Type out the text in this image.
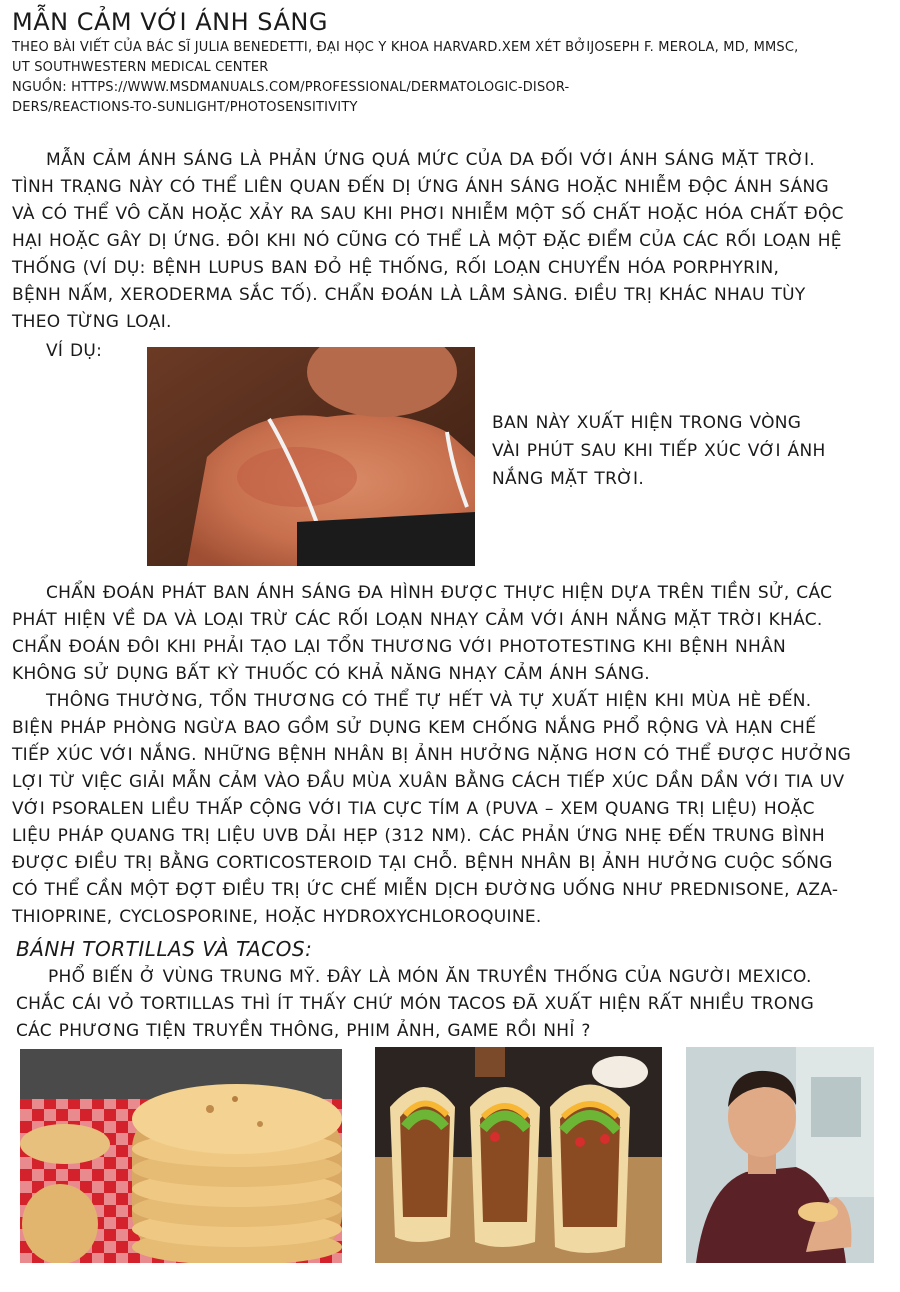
MẪN CẢM VỚI ÁNH SÁNG
THEO BÀI VIẾT CỦA BÁC SĨ JULIA BENEDETTI, ĐẠI HỌC Y KHOA HARVARD.XEM XÉT BỞIJOSEPH F. MEROLA, MD, MMSC,
UT SOUTHWESTERN MEDICAL CENTER
NGUỒN: HTTPS://WWW.MSDMANUALS.COM/PROFESSIONAL/DERMATOLOGIC-DISOR-
DERS/REACTIONS-TO-SUNLIGHT/PHOTOSENSITIVITY
MẪN CẢM ÁNH SÁNG LÀ PHẢN ỨNG QUÁ MỨC CỦA DA ĐỐI VỚI ÁNH SÁNG MẶT TRỜI.
TÌNH TRẠNG NÀY CÓ THỂ LIÊN QUAN ĐẾN DỊ ỨNG ÁNH SÁNG HOẶC NHIỄM ĐỘC ÁNH SÁNG
VÀ CÓ THỂ VÔ CĂN HOẶC XẢY RA SAU KHI PHƠI NHIỄM MỘT SỐ CHẤT HOẶC HÓA CHẤT ĐỘC
HẠI HOẶC GÂY DỊ ỨNG. ĐÔI KHI NÓ CŨNG CÓ THỂ LÀ MỘT ĐẶC ĐIỂM CỦA CÁC RỐI LOẠN HỆ
THỐNG (VÍ DỤ: BỆNH LUPUS BAN ĐỎ HỆ THỐNG, RỐI LOẠN CHUYỂN HÓA PORPHYRIN,
BỆNH NẤM, XERODERMA SẮC TỐ). CHẨN ĐOÁN LÀ LÂM SÀNG. ĐIỀU TRỊ KHÁC NHAU TÙY
THEO TỪNG LOẠI.
VÍ DỤ:
BAN NÀY XUẤT HIỆN TRONG VÒNG
VÀI PHÚT SAU KHI TIẾP XÚC VỚI ÁNH
NẮNG MẶT TRỜI.
CHẨN ĐOÁN PHÁT BAN ÁNH SÁNG ĐA HÌNH ĐƯỢC THỰC HIỆN DỰA TRÊN TIỀN SỬ, CÁC
PHÁT HIỆN VỀ DA VÀ LOẠI TRỪ CÁC RỐI LOẠN NHẠY CẢM VỚI ÁNH NẮNG MẶT TRỜI KHÁC.
CHẨN ĐOÁN ĐÔI KHI PHẢI TẠO LẠI TỔN THƯƠNG VỚI PHOTOTESTING KHI BỆNH NHÂN
KHÔNG SỬ DỤNG BẤT KỲ THUỐC CÓ KHẢ NĂNG NHẠY CẢM ÁNH SÁNG.
THÔNG THƯỜNG, TỔN THƯƠNG CÓ THỂ TỰ HẾT VÀ TỰ XUẤT HIỆN KHI MÙA HÈ ĐẾN.
BIỆN PHÁP PHÒNG NGỪA BAO GỒM SỬ DỤNG KEM CHỐNG NẮNG PHỔ RỘNG VÀ HẠN CHẾ
TIẾP XÚC VỚI NẮNG. NHỮNG BỆNH NHÂN BỊ ẢNH HƯỞNG NẶNG HƠN CÓ THỂ ĐƯỢC HƯỞNG
LỢI TỪ VIỆC GIẢI MẪN CẢM VÀO ĐẦU MÙA XUÂN BẰNG CÁCH TIẾP XÚC DẦN DẦN VỚI TIA UV
VỚI PSORALEN LIỀU THẤP CỘNG VỚI TIA CỰC TÍM A (PUVA – XEM QUANG TRỊ LIỆU) HOẶC
LIỆU PHÁP QUANG TRỊ LIỆU UVB DẢI HẸP (312 NM). CÁC PHẢN ỨNG NHẸ ĐẾN TRUNG BÌNH
ĐƯỢC ĐIỀU TRỊ BẰNG CORTICOSTEROID TẠI CHỖ. BỆNH NHÂN BỊ ẢNH HƯỞNG CUỘC SỐNG
CÓ THỂ CẦN MỘT ĐỢT ĐIỀU TRỊ ỨC CHẾ MIỄN DỊCH ĐƯỜNG UỐNG NHƯ PREDNISONE, AZA-
THIOPRINE, CYCLOSPORINE, HOẶC HYDROXYCHLOROQUINE.
BÁNH TORTILLAS VÀ TACOS:
PHỔ BIẾN Ở VÙNG TRUNG MỸ. ĐÂY LÀ MÓN ĂN TRUYỀN THỐNG CỦA NGƯỜI MEXICO.
CHẮC CÁI VỎ TORTILLAS THÌ ÍT THẤY CHỨ MÓN TACOS ĐÃ XUẤT HIỆN RẤT NHIỀU TRONG
CÁC PHƯƠNG TIỆN TRUYỀN THÔNG, PHIM ẢNH, GAME RỒI NHỈ ?
